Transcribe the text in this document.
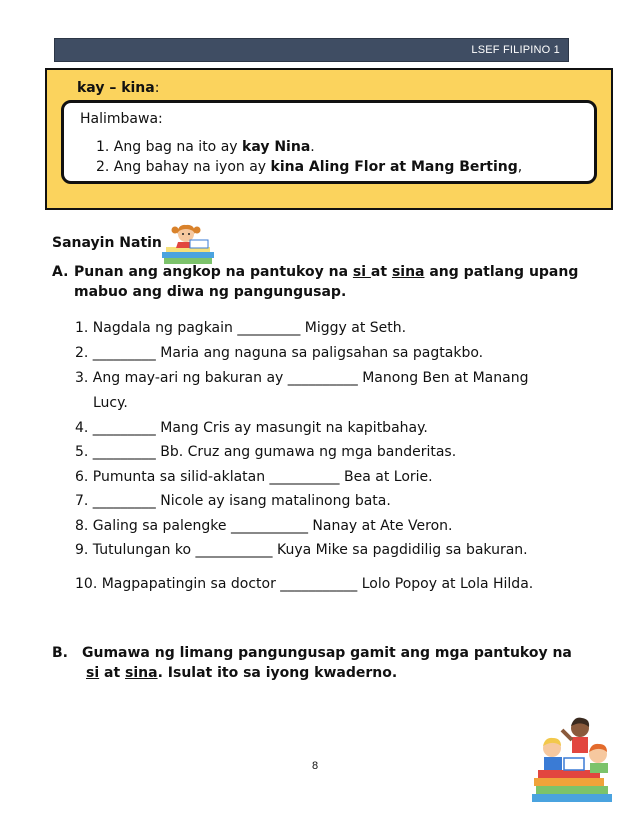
LSEF FILIPINO 1
kay – kina:
Halimbawa:
1. Ang bag na ito ay kay Nina.
2. Ang bahay na iyon ay kina Aling Flor at Mang Berting,
Sanayin Natin
A. Punan ang angkop na pantukoy na si at sina ang patlang upang mabuo ang diwa ng pangungusap.
1. Nagdala ng pagkain _________ Miggy at Seth.
2. _________ Maria ang naguna sa paligsahan sa pagtakbo.
3. Ang may-ari ng bakuran ay __________ Manong Ben at Manang
Lucy.
4. _________ Mang Cris ay masungit na kapitbahay.
5. _________ Bb. Cruz ang gumawa ng mga banderitas.
6. Pumunta sa silid-aklatan __________ Bea at Lorie.
7. _________ Nicole ay isang matalinong bata.
8. Galing sa palengke ___________ Nanay at Ate Veron.
9. Tutulungan ko ___________ Kuya Mike sa pagdidilig sa bakuran.
10. Magpapatingin sa doctor ___________ Lolo Popoy at Lola Hilda.
B. Gumawa ng limang pangungusap gamit ang mga pantukoy na
si at sina. Isulat ito sa iyong kwaderno.
8
